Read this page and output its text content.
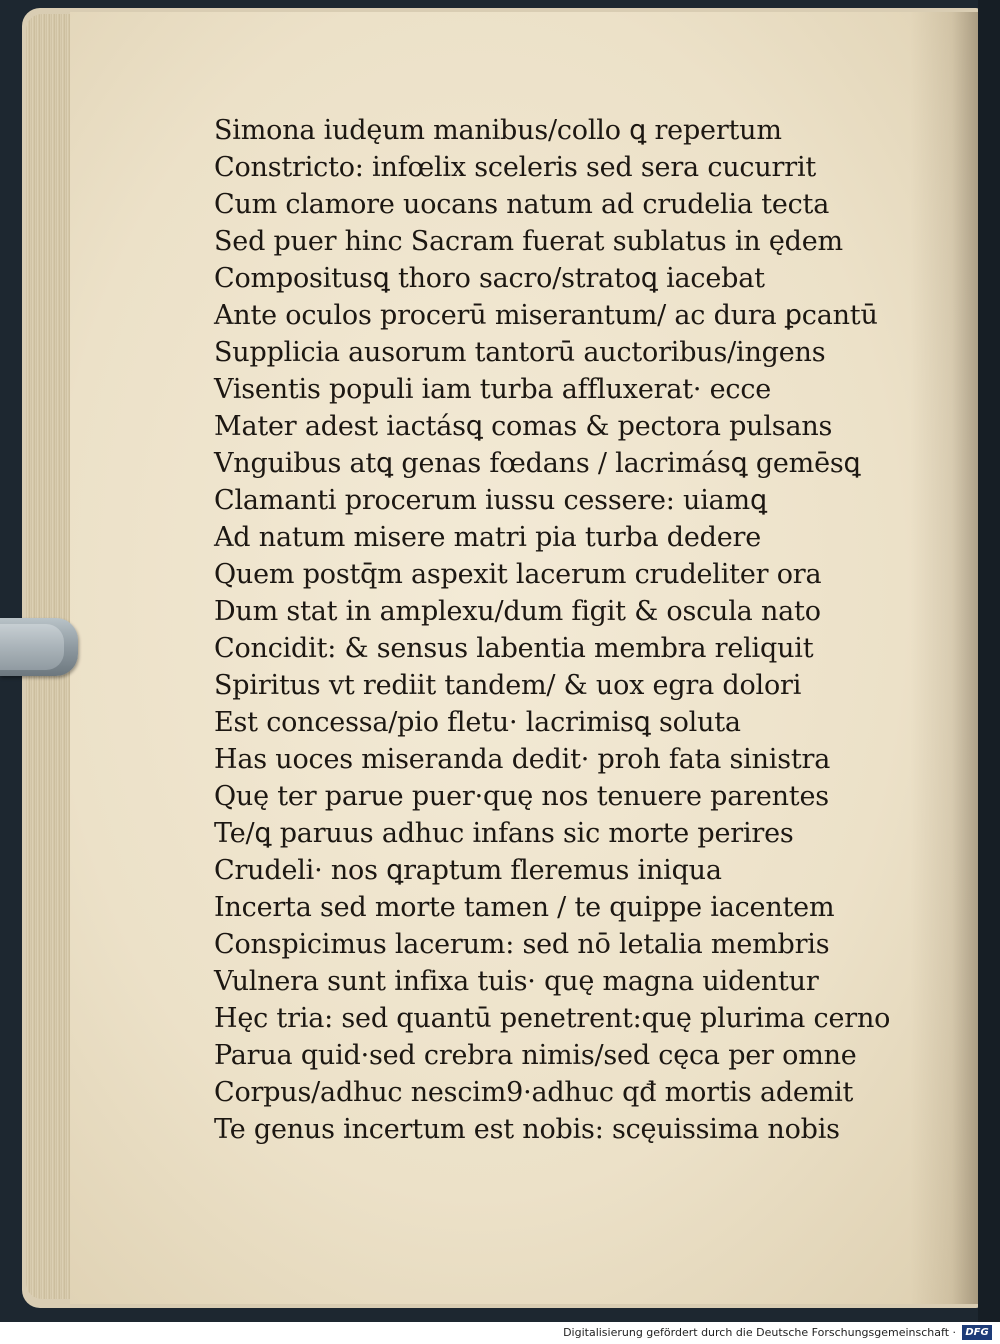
Simona iudęum manibus/collo ꝗ repertum
Constricto: infœlix sceleris sed sera cucurrit
Cum clamore uocans natum ad crudelia tecta
Sed puer hinc Sacram fuerat sublatus in ędem
Compositusꝗ thoro sacro/stratoꝗ iacebat
Ante oculos procerū miserantum/ ac dura ꝑcantū
Supplicia ausorum tantorū auctoribus/ingens
Visentis populi iam turba affluxerat· ecce
Mater adest iactásꝗ comas & pectora pulsans
Vnguibus atꝗ genas fœdans / lacrimásꝗ gemēsꝗ
Clamanti procerum iussu cessere: uiamꝗ
Ad natum misere matri pia turba dedere
Quem postq̄m aspexit lacerum crudeliter ora
Dum stat in amplexu/dum figit & oscula nato
Concidit: & sensus labentia membra reliquit
Spiritus vt rediit tandem/ & uox egra dolori
Est concessa/pio fletu· lacrimisꝗ soluta
Has uoces miseranda dedit· proh fata sinistra
Quę ter parue puer·quę nos tenuere parentes
Te/ꝗ paruus adhuc infans sic morte perires
Crudeli· nos ꝗraptum fleremus iniqua
Incerta sed morte tamen / te quippe iacentem
Conspicimus lacerum: sed nō letalia membris
Vulnera sunt infixa tuis· quę magna uidentur
Hęc tria: sed quantū penetrent:quę plurima cerno
Parua quid·sed crebra nimis/sed cęca per omne
Corpus/adhuc nescim9·adhuc qđ mortis ademit
Te genus incertum est nobis: scęuissima nobis
Digitalisierung gefördert durch die Deutsche Forschungsgemeinschaft · DFG
